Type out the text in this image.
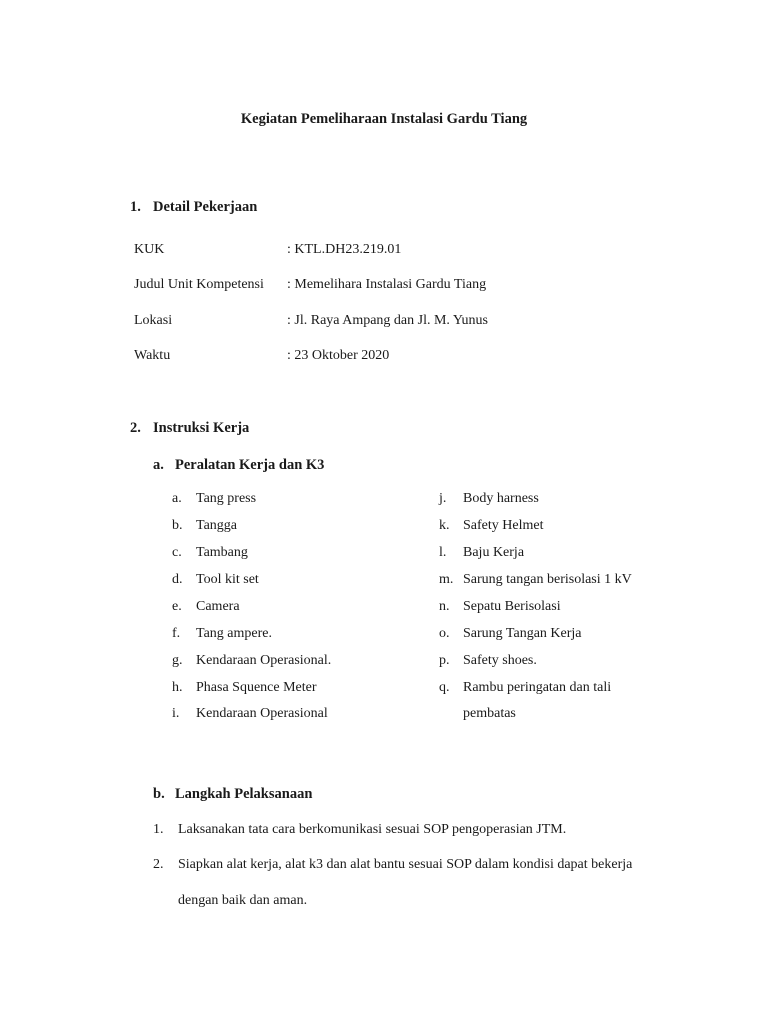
Kegiatan Pemeliharaan Instalasi Gardu Tiang
1. Detail Pekerjaan
KUK	: KTL.DH23.219.01
Judul Unit Kompetensi : Memelihara Instalasi Gardu Tiang
Lokasi	: Jl. Raya Ampang dan Jl. M. Yunus
Waktu	: 23 Oktober 2020
2. Instruksi Kerja
a. Peralatan Kerja dan K3
a. Tang press
b. Tangga
c. Tambang
d. Tool kit set
e. Camera
f. Tang ampere.
g. Kendaraan Operasional.
h. Phasa Squence Meter
i. Kendaraan Operasional
j. Body harness
k. Safety Helmet
l. Baju Kerja
m. Sarung tangan berisolasi 1 kV
n. Sepatu Berisolasi
o. Sarung Tangan Kerja
p. Safety shoes.
q. Rambu peringatan dan tali
pembatas
b. Langkah Pelaksanaan
1. Laksanakan tata cara berkomunikasi sesuai SOP pengoperasian JTM.
2. Siapkan alat kerja, alat k3 dan alat bantu sesuai SOP dalam kondisi dapat bekerja
dengan baik dan aman.
